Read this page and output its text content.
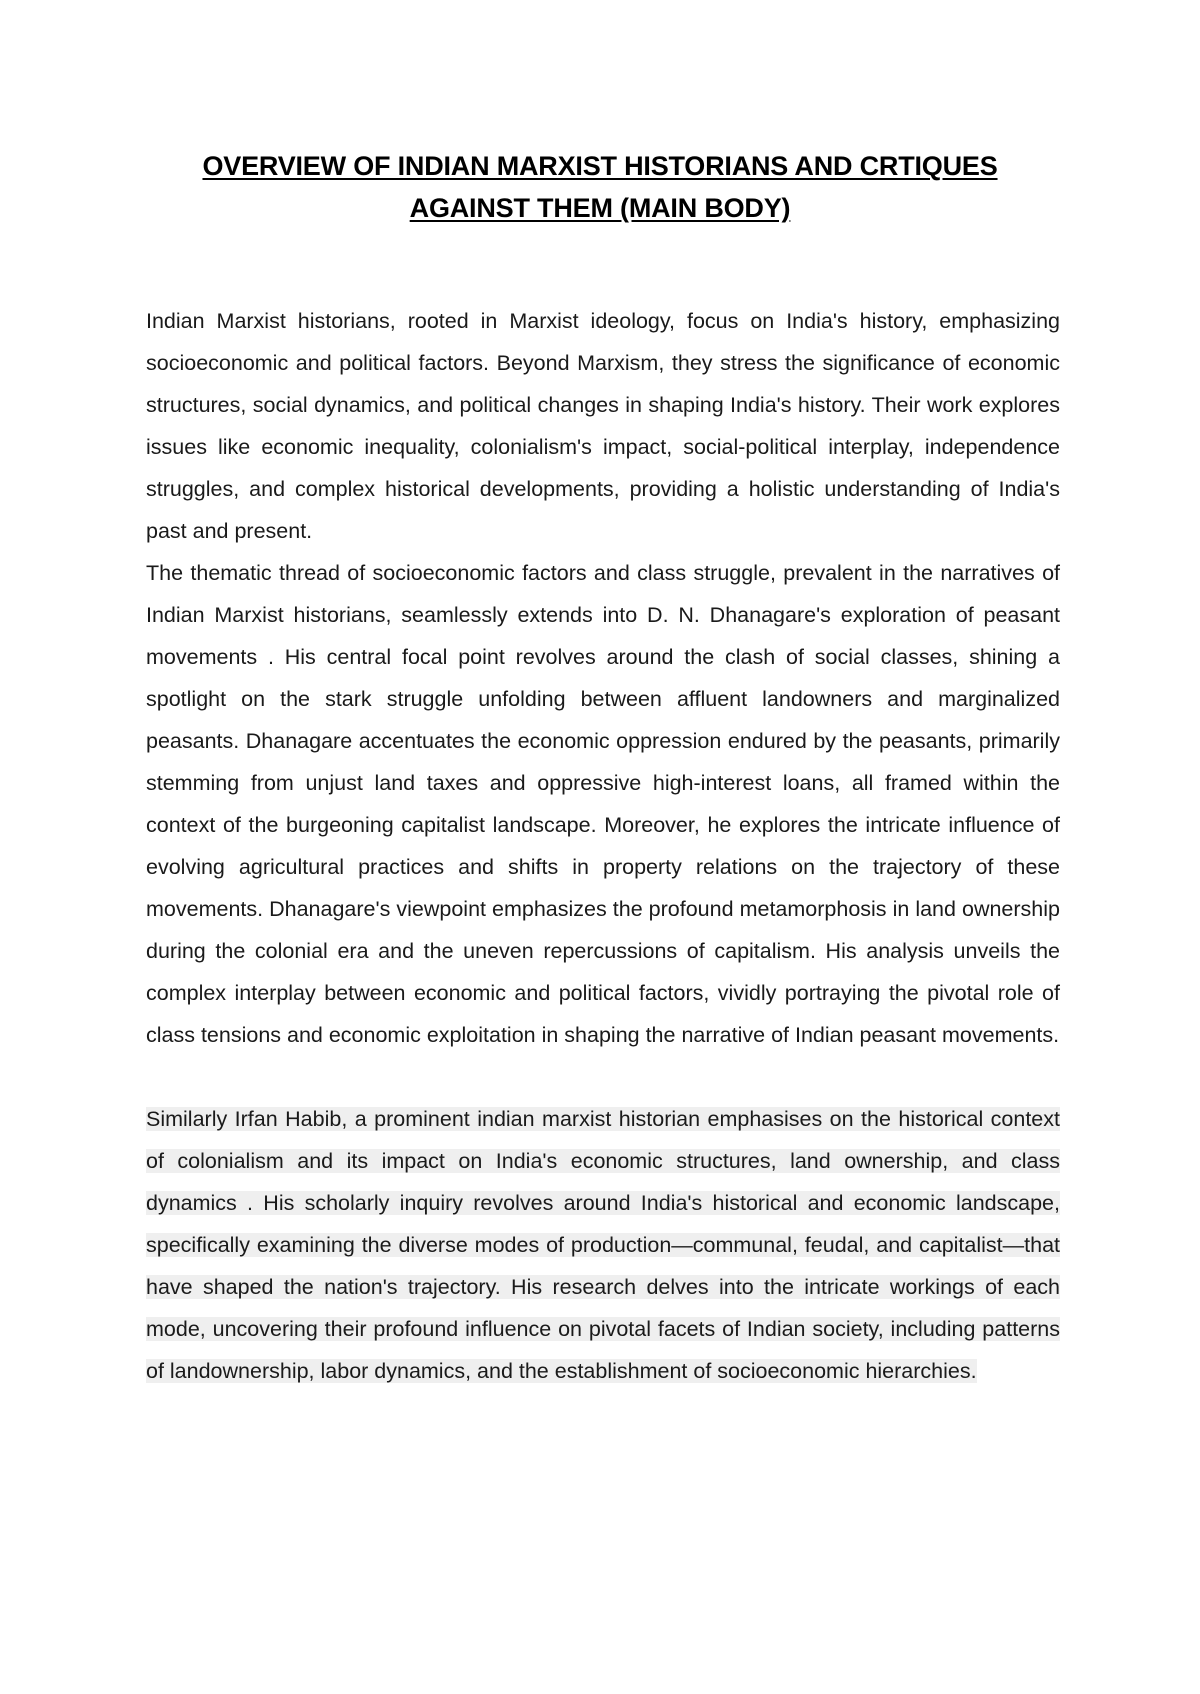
OVERVIEW OF INDIAN MARXIST HISTORIANS AND CRTIQUES AGAINST THEM (MAIN BODY)

Indian Marxist historians, rooted in Marxist ideology, focus on India's history, emphasizing socioeconomic and political factors. Beyond Marxism, they stress the significance of economic structures, social dynamics, and political changes in shaping India's history. Their work explores issues like economic inequality, colonialism's impact, social-political interplay, independence struggles, and complex historical developments, providing a holistic understanding of India's past and present.

The thematic thread of socioeconomic factors and class struggle, prevalent in the narratives of Indian Marxist historians, seamlessly extends into D. N. Dhanagare's exploration of peasant movements . His central focal point revolves around the clash of social classes, shining a spotlight on the stark struggle unfolding between affluent landowners and marginalized peasants. Dhanagare accentuates the economic oppression endured by the peasants, primarily stemming from unjust land taxes and oppressive high-interest loans, all framed within the context of the burgeoning capitalist landscape. Moreover, he explores the intricate influence of evolving agricultural practices and shifts in property relations on the trajectory of these movements. Dhanagare's viewpoint emphasizes the profound metamorphosis in land ownership during the colonial era and the uneven repercussions of capitalism. His analysis unveils the complex interplay between economic and political factors, vividly portraying the pivotal role of class tensions and economic exploitation in shaping the narrative of Indian peasant movements.

Similarly Irfan Habib, a prominent indian marxist historian emphasises on the historical context of colonialism and its impact on India's economic structures, land ownership, and class dynamics . His scholarly inquiry revolves around India's historical and economic landscape, specifically examining the diverse modes of production—communal, feudal, and capitalist—that have shaped the nation's trajectory. His research delves into the intricate workings of each mode, uncovering their profound influence on pivotal facets of Indian society, including patterns of landownership, labor dynamics, and the establishment of socioeconomic hierarchies.
